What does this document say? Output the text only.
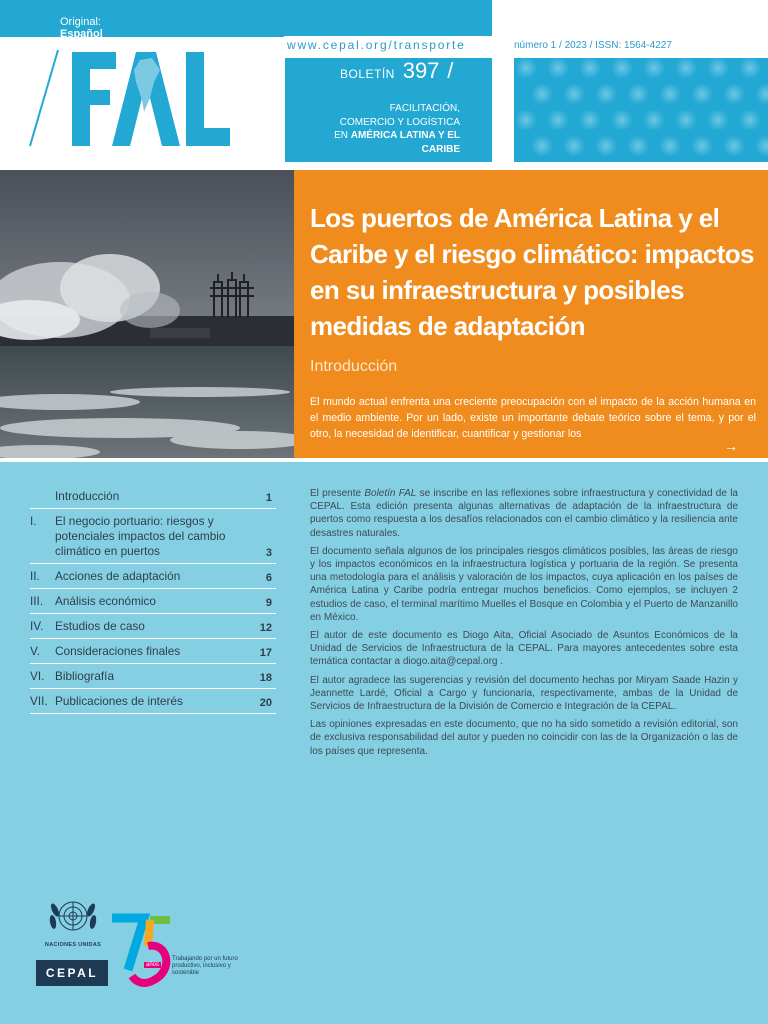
Original: Español
FAL
www.cepal.org/transporte
BOLETÍN 397 /
FACILITACIÓN,
COMERCIO Y LOGÍSTICA
EN AMÉRICA LATINA Y EL CARIBE
número 1 / 2023 / ISSN: 1564-4227
Los puertos de América Latina y el Caribe y el riesgo climático: impactos en su infraestructura y posibles medidas de adaptación
Introducción

El mundo actual enfrenta una creciente preocupación con el impacto de la acción humana en el medio ambiente. Por un lado, existe un importante debate teórico sobre el tema, y por el otro, la necesidad de identificar, cuantificar y gestionar los

→
Introducción	1
I.	El negocio portuario: riesgos y potenciales impactos del cambio climático en puertos	3
II.	Acciones de adaptación	6
III.	Análisis económico	9
IV. Estudios de caso	12
V.	Consideraciones finales	17
VI. Bibliografía	18
VII. Publicaciones de interés	20

El presente Boletín FAL se inscribe en las reflexiones sobre infraestructura y conectividad de la CEPAL. Esta edición presenta algunas alternativas de adaptación de la infraestructura de puertos como respuesta a los desafíos relacionados con el cambio climático y la resiliencia ante desastres naturales.

El documento señala algunos de los principales riesgos climáticos posibles, las áreas de riesgo y los impactos económicos en la infraestructura logística y portuaria de la región. Se presenta una metodología para el análisis y valoración de los impactos, cuya aplicación en los países de América Latina y Caribe podría entregar muchos beneficios. Como ejemplos, se incluyen 2 estudios de caso, el terminal marítimo Muelles el Bosque en Colombia y el Puerto de Manzanillo en México.

El autor de este documento es Diogo Aita, Oficial Asociado de Asuntos Económicos de la Unidad de Servicios de Infraestructura de la CEPAL. Para mayores antecedentes sobre esta temática contactar a diogo.aita@cepal.org .

El autor agradece las sugerencias y revisión del documento hechas por Miryam Saade Hazin y Jeannette Lardé, Oficial a Cargo y funcionaria, respectivamente, ambas de la Unidad de Servicios de Infraestructura de la División de Comercio e Integración de la CEPAL.

Las opiniones expresadas en este documento, que no ha sido sometido a revisión editorial, son de exclusiva responsabilidad del autor y pueden no coincidir con las de la Organización o las de los países que representa.

NACIONES UNIDAS
CEPAL
75
años
Trabajando por un futuro productivo, inclusivo y sostenible
